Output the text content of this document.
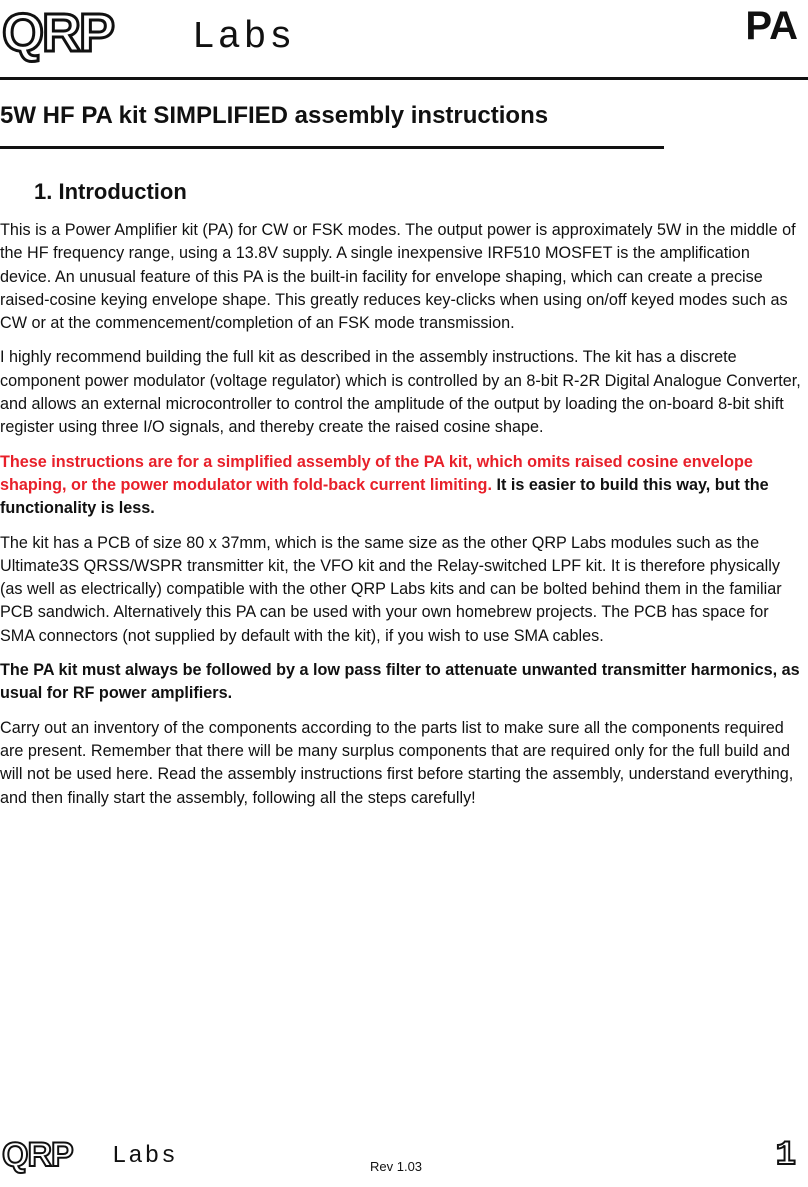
QRP Labs	PA
5W HF PA kit SIMPLIFIED assembly instructions
1. Introduction

This is a Power Amplifier kit (PA) for CW or FSK modes. The output power is approximately 5W in the middle of the HF frequency range, using a 13.8V supply. A single inexpensive IRF510 MOSFET is the amplification device. An unusual feature of this PA is the built-in facility for envelope shaping, which can create a precise raised-cosine keying envelope shape. This greatly reduces key-clicks when using on/off keyed modes such as CW or at the commencement/completion of an FSK mode transmission.

I highly recommend building the full kit as described in the assembly instructions. The kit has a discrete component power modulator (voltage regulator) which is controlled by an 8-bit R-2R Digital Analogue Converter, and allows an external microcontroller to control the amplitude of the output by loading the on-board 8-bit shift register using three I/O signals, and thereby create the raised cosine shape.

These instructions are for a simplified assembly of the PA kit, which omits raised cosine envelope shaping, or the power modulator with fold-back current limiting. It is easier to build this way, but the functionality is less.

The kit has a PCB of size 80 x 37mm, which is the same size as the other QRP Labs modules such as the Ultimate3S QRSS/WSPR transmitter kit, the VFO kit and the Relay-switched LPF kit. It is therefore physically (as well as electrically) compatible with the other QRP Labs kits and can be bolted behind them in the familiar PCB sandwich. Alternatively this PA can be used with your own homebrew projects. The PCB has space for SMA connectors (not supplied by default with the kit), if you wish to use SMA cables.

The PA kit must always be followed by a low pass filter to attenuate unwanted transmitter harmonics, as usual for RF power amplifiers.

Carry out an inventory of the components according to the parts list to make sure all the components required are present. Remember that there will be many surplus components that are required only for the full build and will not be used here. Read the assembly instructions first before starting the assembly, understand everything, and then finally start the assembly, following all the steps carefully!

QRP Labs	Rev 1.03	1
